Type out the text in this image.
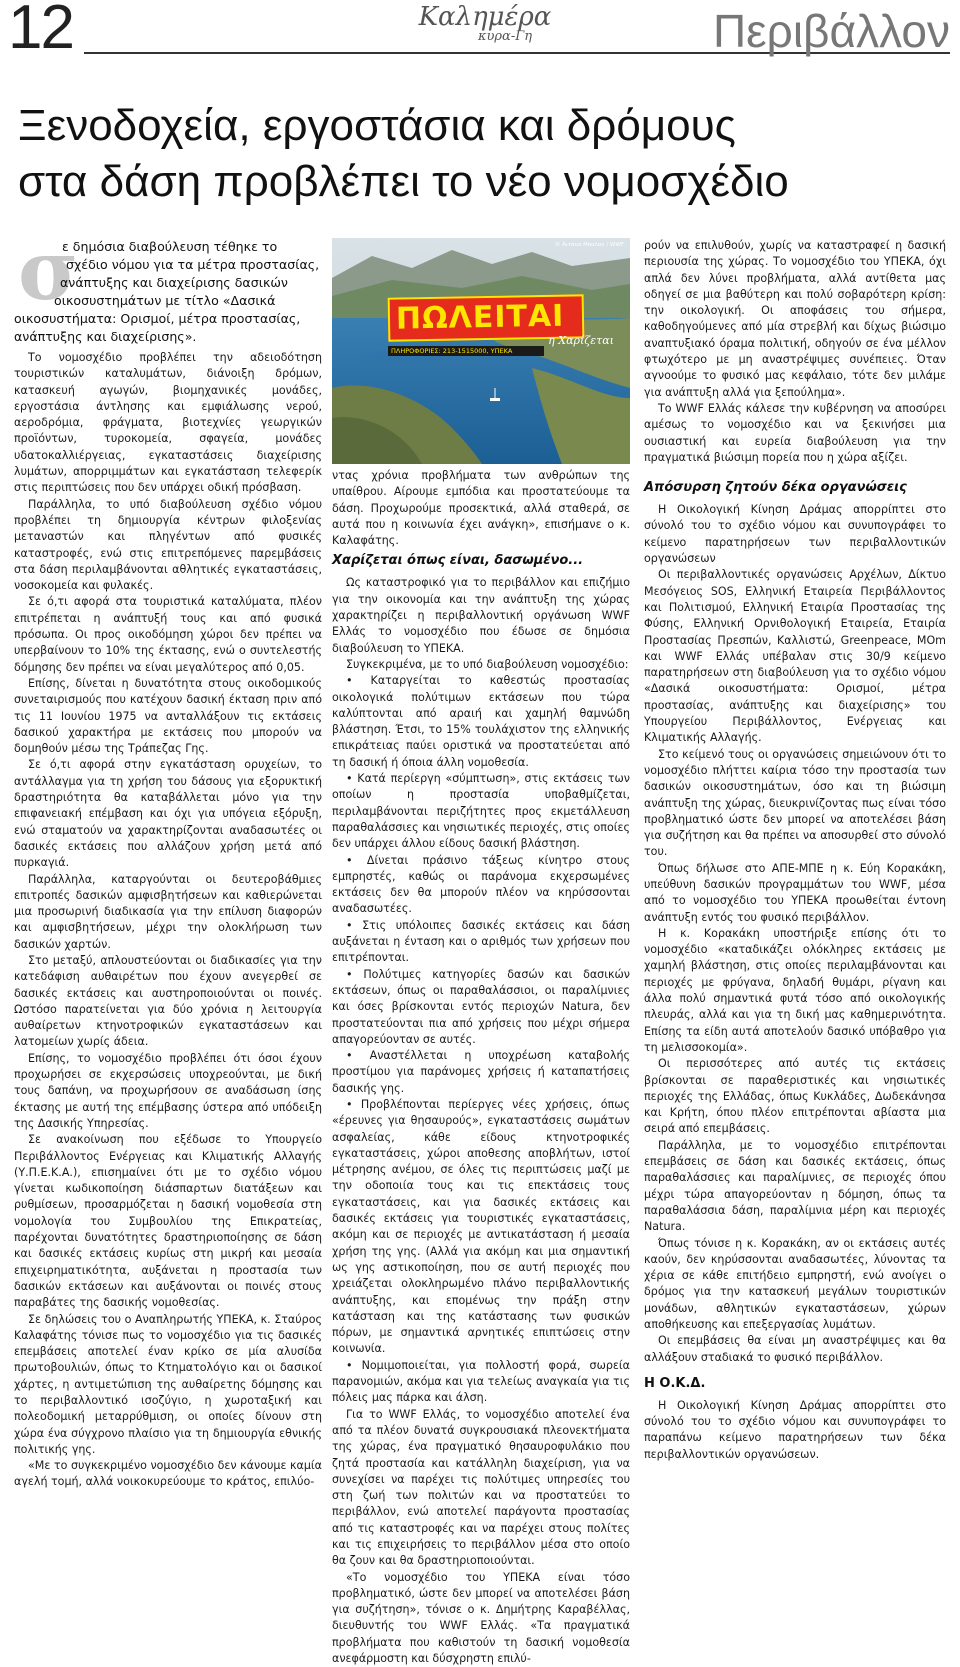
12	Καλημέρα
κυρα-Γη	Περιβάλλον
Ξενοδοχεία, εργοστάσια και δρόμους
στα δάση προβλέπει το νέο νομοσχέδιο
σ
ε δημόσια διαβούλευση τέθηκε το
σχέδιο νόμου για τα μέτρα προστασίας,
ανάπτυξης και διαχείρισης δασικών
οικοσυστημάτων με τίτλο «Δασικά
οικοσυστήματα: Ορισμοί, μέτρα προστασίας,
ανάπτυξης και διαχείρισης».

Το νομοσχέδιο προβλέπει την αδειοδότηση τουριστικών καταλυμάτων, διάνοιξη δρόμων, κατασκευή αγωγών, βιομηχανικές μονάδες, εργοστάσια άντλησης και εμφιάλωσης νερού, αεροδρόμια, φράγματα, βιοτεχνίες γεωργικών προϊόντων, τυροκομεία, σφαγεία, μονάδες υδατοκαλλιέργειας, εγκαταστάσεις διαχείρισης λυμάτων, απορριμμάτων και εγκατάσταση τελεφερίκ στις περιπτώσεις που δεν υπάρχει οδική πρόσβαση.

Παράλληλα, το υπό διαβούλευση σχέδιο νόμου προβλέπει τη δημιουργία κέντρων φιλοξενίας μεταναστών και πληγέντων από φυσικές καταστροφές, ενώ στις επιτρεπόμενες παρεμβάσεις στα δάση περιλαμβάνονται αθλητικές εγκαταστάσεις, νοσοκομεία και φυλακές.

Σε ό,τι αφορά στα τουριστικά καταλύματα, πλέον επιτρέπεται η ανάπτυξή τους και από φυσικά πρόσωπα. Οι προς οικοδόμηση χώροι δεν πρέπει να υπερβαίνουν το 10% της έκτασης, ενώ ο συντελεστής δόμησης δεν πρέπει να είναι μεγαλύτερος από 0,05.

Επίσης, δίνεται η δυνατότητα στους οικοδομικούς συνεταιρισμούς που κατέχουν δασική έκταση πριν από τις 11 Ιουνίου 1975 να ανταλλάξουν τις εκτάσεις δασικού χαρακτήρα με εκτάσεις που μπορούν να δομηθούν μέσω της Τράπεζας Γης.

Σε ό,τι αφορά στην εγκατάσταση ορυχείων, το αντάλλαγμα για τη χρήση του δάσους για εξορυκτική δραστηριότητα θα καταβάλλεται μόνο για την επιφανειακή επέμβαση και όχι για υπόγεια εξόρυξη, ενώ σταματούν να χαρακτηρίζονται αναδασωτέες οι δασικές εκτάσεις που αλλάζουν χρήση μετά από πυρκαγιά.

Παράλληλα, καταργούνται οι δευτεροβάθμιες επιτροπές δασικών αμφισβητήσεων και καθιερώνεται μια προσωρινή διαδικασία για την επίλυση διαφορών και αμφισβητήσεων, μέχρι την ολοκλήρωση των δασικών χαρτών.

Στο μεταξύ, απλουστεύονται οι διαδικασίες για την κατεδάφιση αυθαιρέτων που έχουν ανεγερθεί σε δασικές εκτάσεις και αυστηροποιούνται οι ποινές. Ωστόσο παρατείνεται για δύο χρόνια η λειτουργία αυθαίρετων κτηνοτροφικών εγκαταστάσεων και λατομείων χωρίς άδεια.

Επίσης, το νομοσχέδιο προβλέπει ότι όσοι έχουν προχωρήσει σε εκχερσώσεις υποχρεούνται, με δική τους δαπάνη, να προχωρήσουν σε αναδάσωση ίσης έκτασης με αυτή της επέμβασης ύστερα από υπόδειξη της Δασικής Υπηρεσίας.

Σε ανακοίνωση που εξέδωσε το Υπουργείο Περιβάλλοντος Ενέργειας και Κλιματικής Αλλαγής (Υ.Π.Ε.Κ.Α.), επισημαίνει ότι με το σχέδιο νόμου γίνεται κωδικοποίηση διάσπαρτων διατάξεων και ρυθμίσεων, προσαρμόζεται η δασική νομοθεσία στη νομολογία του Συμβουλίου της Επικρατείας, παρέχονται δυνατότητες δραστηριοποίησης σε δάση και δασικές εκτάσεις κυρίως στη μικρή και μεσαία επιχειρηματικότητα, αυξάνεται η προστασία των δασικών εκτάσεων και αυξάνονται οι ποινές στους παραβάτες της δασικής νομοθεσίας.

Σε δηλώσεις του ο Αναπληρωτής ΥΠΕΚΑ, κ. Σταύρος Καλαφάτης τόνισε πως το νομοσχέδιο για τις δασικές επεμβάσεις αποτελεί έναν κρίκο σε μία αλυσίδα πρωτοβουλιών, όπως το Κτηματολόγιο και οι δασικοί χάρτες, η αντιμετώπιση της αυθαίρετης δόμησης και το περιβαλλοντικό ισοζύγιο, η χωροταξική και πολεοδομική μεταρρύθμιση, οι οποίες δίνουν στη χώρα ένα σύγχρονο πλαίσιο για τη δημιουργία εθνικής πολιτικής γης.

«Με το συγκεκριμένο νομοσχέδιο δεν κάνουμε καμία αγελή τομή, αλλά νοικοκυρεύουμε το κράτος, επιλύο-

© Αιτάνα Μπαλού / WWF
ΠΩΛΕΙΤΑΙ
η Χαρίζεται
ΠΛΗΡΟΦΟΡΙΕΣ: 213-1515000, ΥΠΕΚΑ

ντας χρόνια προβλήματα των ανθρώπων της υπαίθρου. Αίρουμε εμπόδια και προστατεύουμε τα δάση. Προχωρούμε προσεκτικά, αλλά σταθερά, σε αυτά που η κοινωνία έχει ανάγκη», επισήμανε ο κ. Καλαφάτης.

Χαρίζεται όπως είναι, δασωμένο...

Ως καταστροφικό για το περιβάλλον και επιζήμιο για την οικονομία και την ανάπτυξη της χώρας χαρακτηρίζει η περιβαλλοντική οργάνωση WWF Ελλάς το νομοσχέδιο που έδωσε σε δημόσια διαβούλευση το ΥΠΕΚΑ.

Συγκεκριμένα, με το υπό διαβούλευση νομοσχέδιο:

• Καταργείται το καθεστώς προστασίας οικολογικά πολύτιμων εκτάσεων που τώρα καλύπτονται από αραιή και χαμηλή θαμνώδη βλάστηση. Έτσι, το 15% τουλάχιστον της ελληνικής επικράτειας παύει οριστικά να προστατεύεται από τη δασική ή όποια άλλη νομοθεσία.

• Κατά περίεργη «σύμπτωση», στις εκτάσεις των οποίων η προστασία υποβαθμίζεται, περιλαμβάνονται περιζήτητες προς εκμετάλλευση παραθαλάσσιες και νησιωτικές περιοχές, στις οποίες δεν υπάρχει άλλου είδους δασική βλάστηση.

• Δίνεται πράσινο τάξεως κίνητρο στους εμπρηστές, καθώς οι παράνομα εκχερσωμένες εκτάσεις δεν θα μπορούν πλέον να κηρύσσονται αναδασωτέες.

• Στις υπόλοιπες δασικές εκτάσεις και δάση αυξάνεται η ένταση και ο αριθμός των χρήσεων που επιτρέπονται.

• Πολύτιμες κατηγορίες δασών και δασικών εκτάσεων, όπως οι παραθαλάσσιοι, οι παραλίμνιες και όσες βρίσκονται εντός περιοχών Natura, δεν προστατεύονται πια από χρήσεις που μέχρι σήμερα απαγορεύονταν σε αυτές.

• Αναστέλλεται η υποχρέωση καταβολής προστίμου για παράνομες χρήσεις ή καταπατήσεις δασικής γης.

• Προβλέπονται περίεργες νέες χρήσεις, όπως «έρευνες για θησαυρούς», εγκαταστάσεις σωμάτων ασφαλείας, κάθε είδους κτηνοτροφικές εγκαταστάσεις, χώροι αποθεσης αποβλήτων, ιστοί μέτρησης ανέμου, σε όλες τις περιπτώσεις μαζί με την οδοποιία τους και τις επεκτάσεις τους εγκαταστάσεις, και για δασικές εκτάσεις και δασικές εκτάσεις για τουριστικές εγκαταστάσεις, ακόμη και σε περιοχές με αντικατάσταση ή μεσαία χρήση της γης. (Αλλά για ακόμη και μια σημαντική ως γης αστικοποίηση, που σε αυτή περιοχές που χρειάζεται ολοκληρωμένο πλάνο περιβαλλοντικής ανάπτυξης, και επομένως την πράξη στην κατάσταση και της κατάστασης των φυσικών πόρων, με σημαντικά αρνητικές επιπτώσεις στην κοινωνία.

• Νομιμοποιείται, για πολλοστή φορά, σωρεία παρανομιών, ακόμα και για τελείως αναγκαία για τις πόλεις μας πάρκα και άλση.

Για το WWF Ελλάς, το νομοσχέδιο αποτελεί ένα από τα πλέον δυνατά συγκρουσιακά πλεονεκτήματα της χώρας, ένα πραγματικό θησαυροφυλάκιο που ζητά προστασία και κατάλληλη διαχείριση, για να συνεχίσει να παρέχει τις πολύτιμες υπηρεσίες του στη ζωή των πολιτών και να προστατεύει το περιβάλλον, ενώ αποτελεί παράγοντα προστασίας από τις καταστροφές και να παρέχει στους πολίτες και τις επιχειρήσεις το περιβάλλον μέσα στο οποίο θα ζουν και θα δραστηριοποιούνται.

«Το νομοσχέδιο του ΥΠΕΚΑ είναι τόσο προβληματικό, ώστε δεν μπορεί να αποτελέσει βάση για συζήτηση», τόνισε ο κ. Δημήτρης Καραβέλλας, διευθυντής του WWF Ελλάς. «Τα πραγματικά προβλήματα που καθιστούν τη δασική νομοθεσία ανεφάρμοστη και δύσχρηστη επιλύ-

ρούν να επιλυθούν, χωρίς να καταστραφεί η δασική περιουσία της χώρας. Το νομοσχέδιο του ΥΠΕΚΑ, όχι απλά δεν λύνει προβλήματα, αλλά αντίθετα μας οδηγεί σε μια βαθύτερη και πολύ σοβαρότερη κρίση: την οικολογική. Οι αποφάσεις του σήμερα, καθοδηγούμενες από μία στρεβλή και δίχως βιώσιμο αναπτυξιακό όραμα πολιτική, οδηγούν σε ένα μέλλον φτωχότερο με μη αναστρέψιμες συνέπειες. Όταν αγνοούμε το φυσικό μας κεφάλαιο, τότε δεν μιλάμε για ανάπτυξη αλλά για ξεπούλημα».

Το WWF Ελλάς κάλεσε την κυβέρνηση να αποσύρει αμέσως το νομοσχέδιο και να ξεκινήσει μια ουσιαστική και ευρεία διαβούλευση για την πραγματικά βιώσιμη πορεία που η χώρα αξίζει.

Απόσυρση ζητούν δέκα οργανώσεις

Η Οικολογική Κίνηση Δράμας απορρίπτει στο σύνολό του το σχέδιο νόμου και συνυπογράφει το κείμενο παρατηρήσεων των περιβαλλοντικών οργανώσεων

Οι περιβαλλοντικές οργανώσεις Αρχέλων, Δίκτυο Μεσόγειος SOS, Ελληνική Εταιρεία Περιβάλλοντος και Πολιτισμού, Ελληνική Εταιρία Προστασίας της Φύσης, Ελληνική Ορνιθολογική Εταιρεία, Εταιρία Προστασίας Πρεσπών, Καλλιστώ, Greenpeace, MOm και WWF Ελλάς υπέβαλαν στις 30/9 κείμενο παρατηρήσεων στη διαβούλευση για το σχέδιο νόμου «Δασικά οικοσυστήματα: Ορισμοί, μέτρα προστασίας, ανάπτυξης και διαχείρισης» του Υπουργείου Περιβάλλοντος, Ενέργειας και Κλιματικής Αλλαγής.

Στο κείμενό τους οι οργανώσεις σημειώνουν ότι το νομοσχέδιο πλήττει καίρια τόσο την προστασία των δασικών οικοσυστημάτων, όσο και τη βιώσιμη ανάπτυξη της χώρας, διευκρινίζοντας πως είναι τόσο προβληματικό ώστε δεν μπορεί να αποτελέσει βάση για συζήτηση και θα πρέπει να αποσυρθεί στο σύνολό του.

Όπως δήλωσε στο ΑΠΕ-ΜΠΕ η κ. Εύη Κορακάκη, υπεύθυνη δασικών προγραμμάτων του WWF, μέσα από το νομοσχέδιο του ΥΠΕΚΑ προωθείται έντονη ανάπτυξη εντός του φυσικό περιβάλλον.

Η κ. Κορακάκη υποστήριξε επίσης ότι το νομοσχέδιο «καταδικάζει ολόκληρες εκτάσεις με χαμηλή βλάστηση, στις οποίες περιλαμβάνονται και περιοχές με φρύγανα, δηλαδή θυμάρι, ρίγανη και άλλα πολύ σημαντικά φυτά τόσο από οικολογικής πλευράς, αλλά και για τη δική μας καθημερινότητα. Επίσης τα είδη αυτά αποτελούν δασικό υπόβαθρο για τη μελισσοκομία».

Οι περισσότερες από αυτές τις εκτάσεις βρίσκονται σε παραθεριστικές και νησιωτικές περιοχές της Ελλάδας, όπως Κυκλάδες, Δωδεκάνησα και Κρήτη, όπου πλέον επιτρέπονται αβίαστα μια σειρά από επεμβάσεις.

Παράλληλα, με το νομοσχέδιο επιτρέπονται επεμβάσεις σε δάση και δασικές εκτάσεις, όπως παραθαλάσσιες και παραλίμνιες, σε περιοχές όπου μέχρι τώρα απαγορεύονταν η δόμηση, όπως τα παραθαλάσσια δάση, παραλίμνια μέρη και περιοχές Natura.

Όπως τόνισε η κ. Κορακάκη, αν οι εκτάσεις αυτές καούν, δεν κηρύσσονται αναδασωτέες, λύνοντας τα χέρια σε κάθε επιτήδειο εμπρηστή, ενώ ανοίγει ο δρόμος για την κατασκευή μεγάλων τουριστικών μονάδων, αθλητικών εγκαταστάσεων, χώρων αποθήκευσης και επεξεργασίας λυμάτων.

Οι επεμβάσεις θα είναι μη αναστρέψιμες και θα αλλάξουν σταδιακά το φυσικό περιβάλλον.

Η Ο.Κ.Δ.

Η Οικολογική Κίνηση Δράμας απορρίπτει στο σύνολό του το σχέδιο νόμου και συνυπογράφει το παραπάνω κείμενο παρατηρήσεων των δέκα περιβαλλοντικών οργανώσεων.
